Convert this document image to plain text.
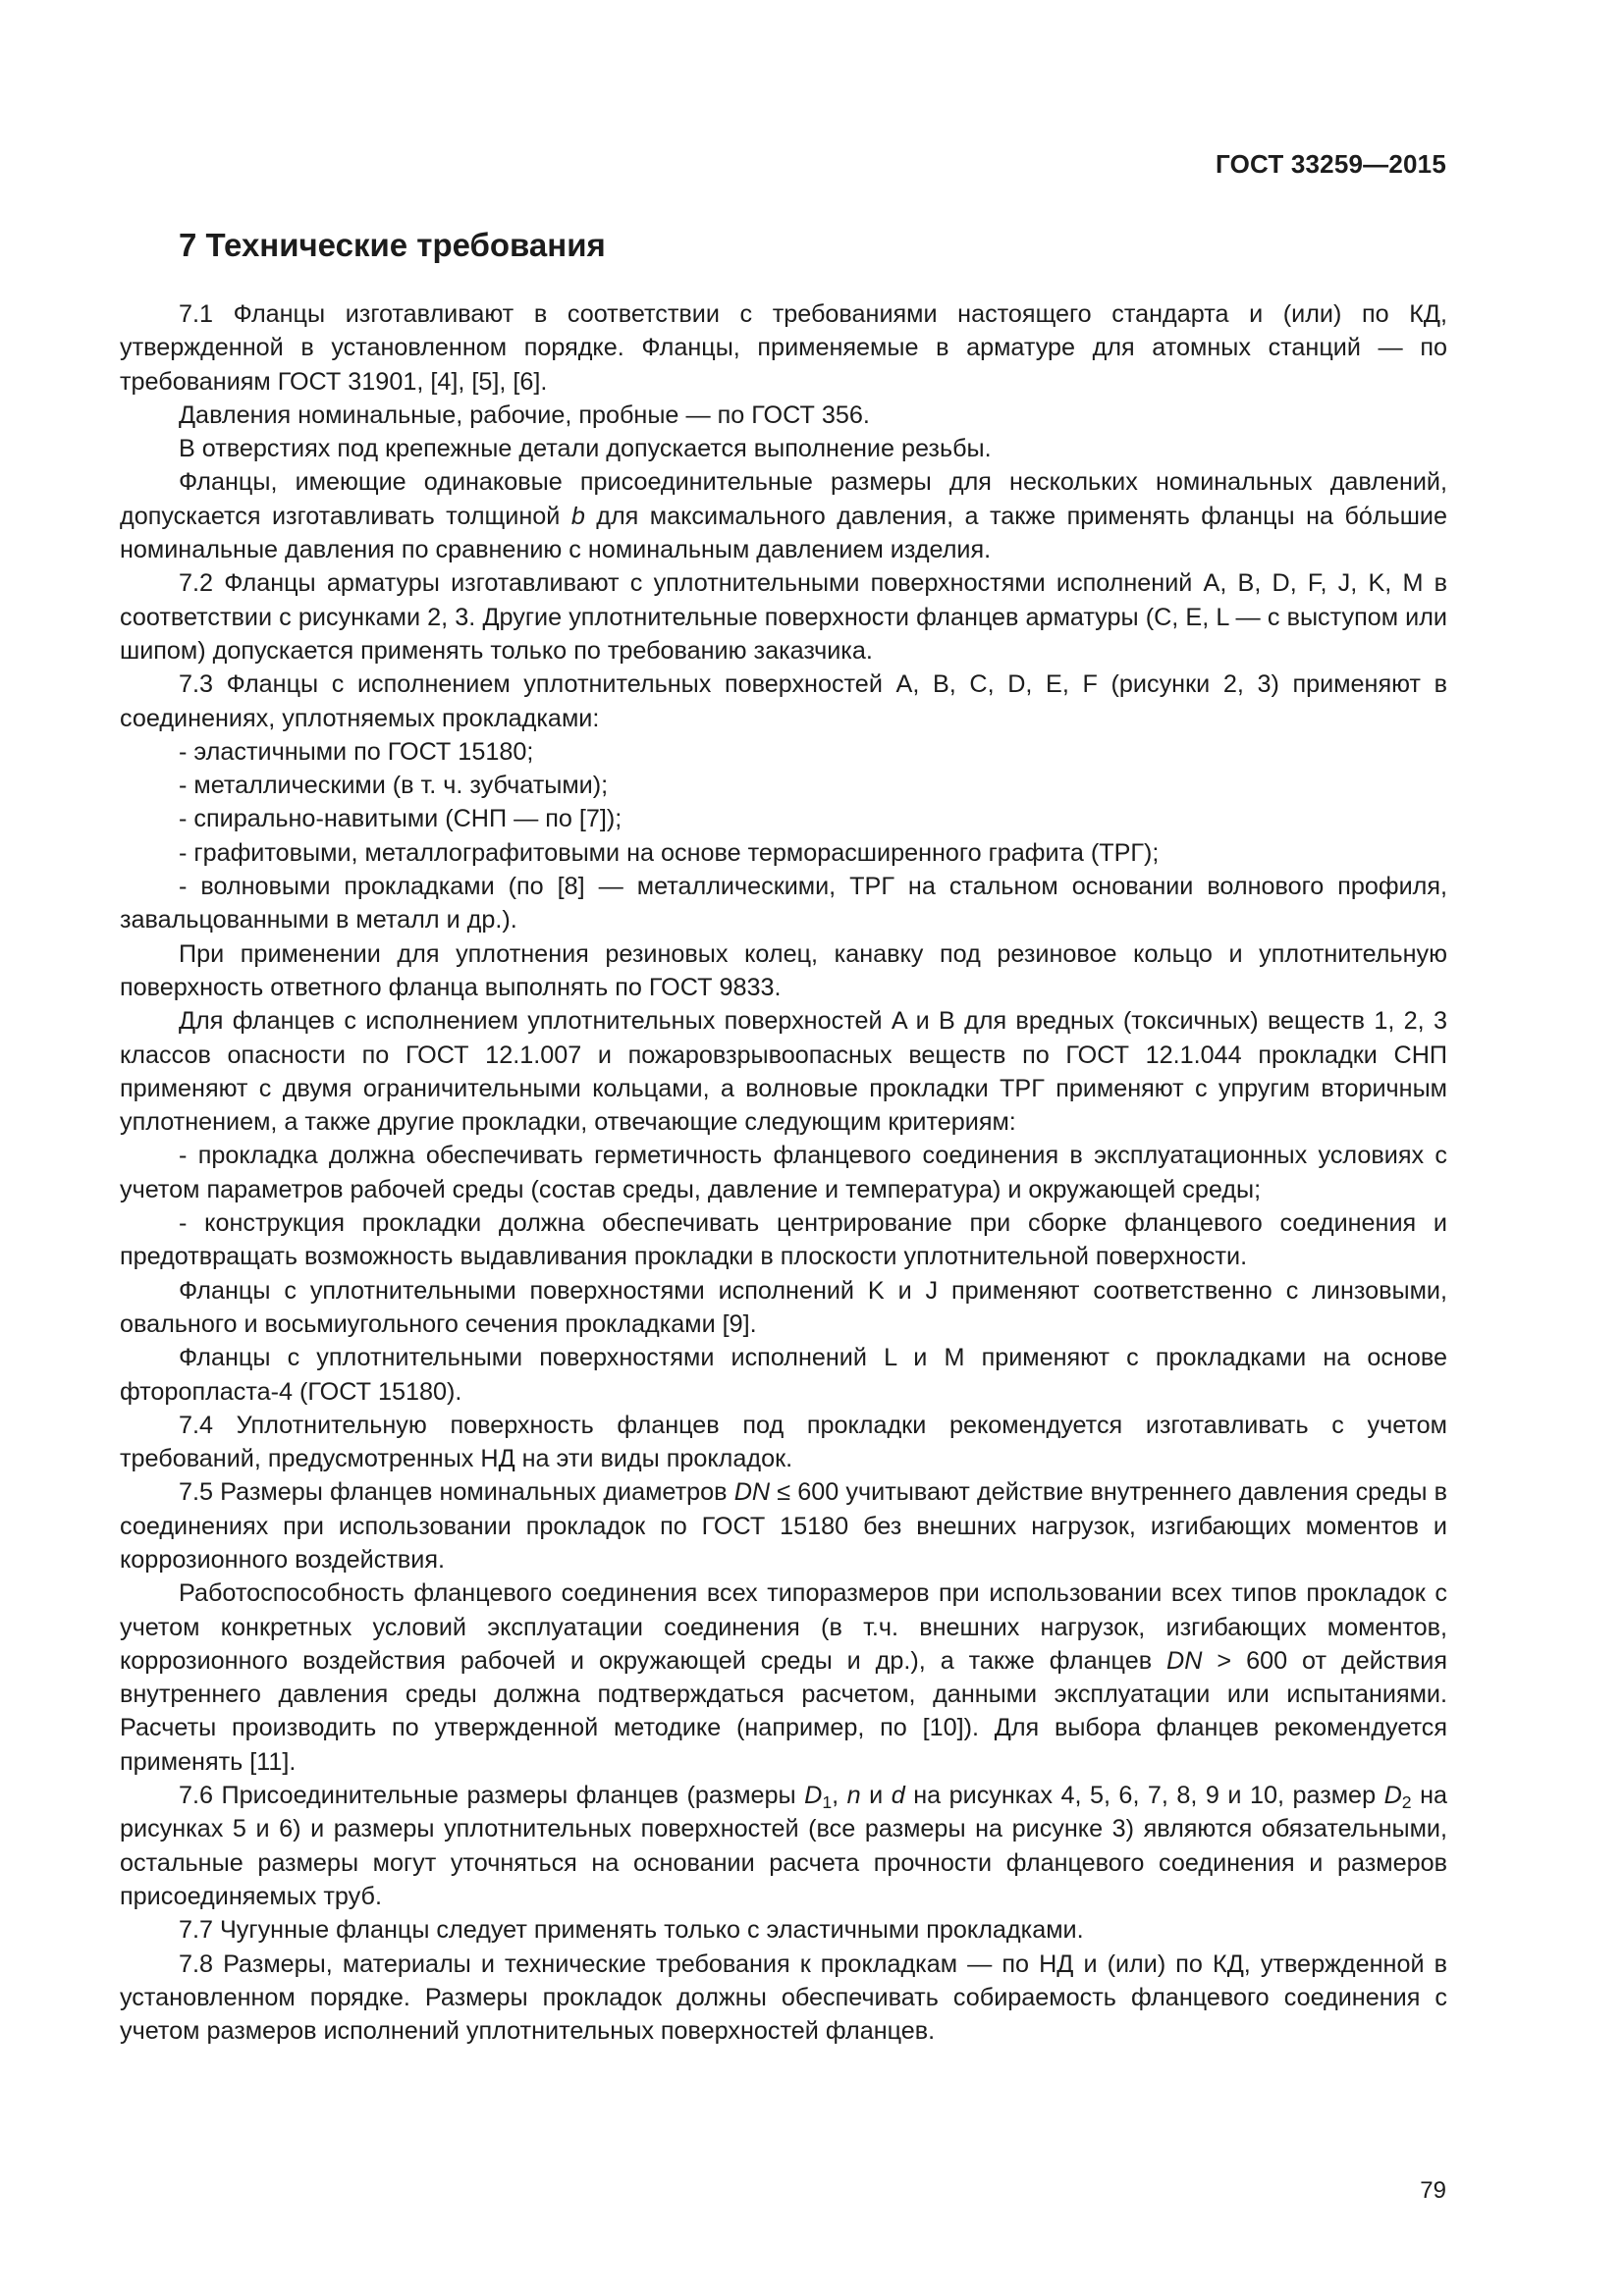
ГОСТ 33259—2015
7 Технические требования

7.1 Фланцы изготавливают в соответствии с требованиями настоящего стандарта и (или) по КД, утвержденной в установленном порядке. Фланцы, применяемые в арматуре для атомных станций — по требованиям ГОСТ 31901, [4], [5], [6].

Давления номинальные, рабочие, пробные — по ГОСТ 356.

В отверстиях под крепежные детали допускается выполнение резьбы.

Фланцы, имеющие одинаковые присоединительные размеры для нескольких номинальных давлений, допускается изготавливать толщиной b для максимального давления, а также применять фланцы на бо́льшие номинальные давления по сравнению с номинальным давлением изделия.

7.2 Фланцы арматуры изготавливают с уплотнительными поверхностями исполнений A, B, D, F, J, K, M в соответствии с рисунками 2, 3. Другие уплотнительные поверхности фланцев арматуры (C, E, L — с выступом или шипом) допускается применять только по требованию заказчика.

7.3 Фланцы с исполнением уплотнительных поверхностей A, B, C, D, E, F (рисунки 2, 3) применяют в соединениях, уплотняемых прокладками:

- эластичными по ГОСТ 15180;

- металлическими (в т. ч. зубчатыми);

- спирально-навитыми (СНП — по [7]);

- графитовыми, металлографитовыми на основе терморасширенного графита (ТРГ);

- волновыми прокладками (по [8] — металлическими, ТРГ на стальном основании волнового профиля, завальцованными в металл и др.).

При применении для уплотнения резиновых колец, канавку под резиновое кольцо и уплотнительную поверхность ответного фланца выполнять по ГОСТ 9833.

Для фланцев с исполнением уплотнительных поверхностей A и B для вредных (токсичных) веществ 1, 2, 3 классов опасности по ГОСТ 12.1.007 и пожаровзрывоопасных веществ по ГОСТ 12.1.044 прокладки СНП применяют с двумя ограничительными кольцами, а волновые прокладки ТРГ применяют с упругим вторичным уплотнением, а также другие прокладки, отвечающие следующим критериям:

- прокладка должна обеспечивать герметичность фланцевого соединения в эксплуатационных условиях с учетом параметров рабочей среды (состав среды, давление и температура) и окружающей среды;

- конструкция прокладки должна обеспечивать центрирование при сборке фланцевого соединения и предотвращать возможность выдавливания прокладки в плоскости уплотнительной поверхности.

Фланцы с уплотнительными поверхностями исполнений K и J применяют соответственно с линзовыми, овального и восьмиугольного сечения прокладками [9].

Фланцы с уплотнительными поверхностями исполнений L и M применяют с прокладками на основе фторопласта-4 (ГОСТ 15180).

7.4 Уплотнительную поверхность фланцев под прокладки рекомендуется изготавливать с учетом требований, предусмотренных НД на эти виды прокладок.

7.5 Размеры фланцев номинальных диаметров DN ≤ 600 учитывают действие внутреннего давления среды в соединениях при использовании прокладок по ГОСТ 15180 без внешних нагрузок, изгибающих моментов и коррозионного воздействия.

Работоспособность фланцевого соединения всех типоразмеров при использовании всех типов прокладок с учетом конкретных условий эксплуатации соединения (в т.ч. внешних нагрузок, изгибающих моментов, коррозионного воздействия рабочей и окружающей среды и др.), а также фланцев DN > 600 от действия внутреннего давления среды должна подтверждаться расчетом, данными эксплуатации или испытаниями. Расчеты производить по утвержденной методике (например, по [10]). Для выбора фланцев рекомендуется применять [11].

7.6 Присоединительные размеры фланцев (размеры $D_1$, n и d на рисунках 4, 5, 6, 7, 8, 9 и 10, размер $D_2$ на рисунках 5 и 6) и размеры уплотнительных поверхностей (все размеры на рисунке 3) являются обязательными, остальные размеры могут уточняться на основании расчета прочности фланцевого соединения и размеров присоединяемых труб.

7.7 Чугунные фланцы следует применять только с эластичными прокладками.

7.8 Размеры, материалы и технические требования к прокладкам — по НД и (или) по КД, утвержденной в установленном порядке. Размеры прокладок должны обеспечивать собираемость фланцевого соединения с учетом размеров исполнений уплотнительных поверхностей фланцев.

79
